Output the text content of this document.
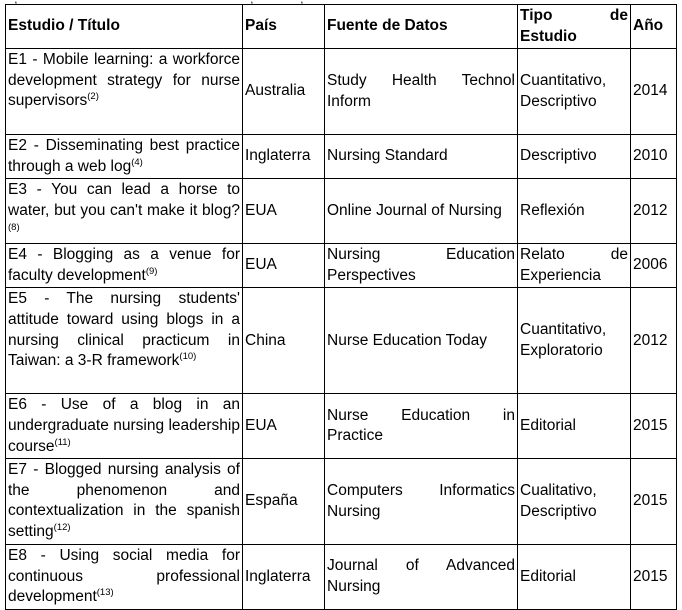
Estudio / Título	País	Fuente de Datos	Tipo de Estudio	Año
E1 - Mobile learning: a workforce development strategy for nurse supervisors$^{(2)}$	Australia	Study Health Technol Inform	Cuantitativo, Descriptivo	2014
E2 - Disseminating best practice through a web $\log^{(4)}$	Inglaterra	Nursing Standard	Descriptivo	2010
E3 - You can lead a horse to water, but you can't make it blog?$^{(8)}$	EUA	Online Journal of Nursing	Reflexión	2012
E4 - Blogging as a venue for faculty development$^{(9)}$	EUA	Nursing Education Perspectives	Relato de Experiencia	2006
E5 - The nursing students' attitude toward using blogs in a nursing clinical practicum in Taiwan: a 3-R framework$^{(10)}$	China	Nurse Education Today	Cuantitativo, Exploratorio	2012
E6 - Use of a blog in an undergraduate nursing leadership course$^{(11)}$	EUA	Nurse Education in Practice	Editorial	2015
E7 - Blogged nursing analysis of the phenomenon and contextualization in the spanish setting$^{(12)}$	España	Computers Informatics Nursing	Cualitativo, Descriptivo	2015
E8 - Using social media for continuous professional development$^{(13)}$	Inglaterra	Journal of Advanced Nursing	Editorial	2015
